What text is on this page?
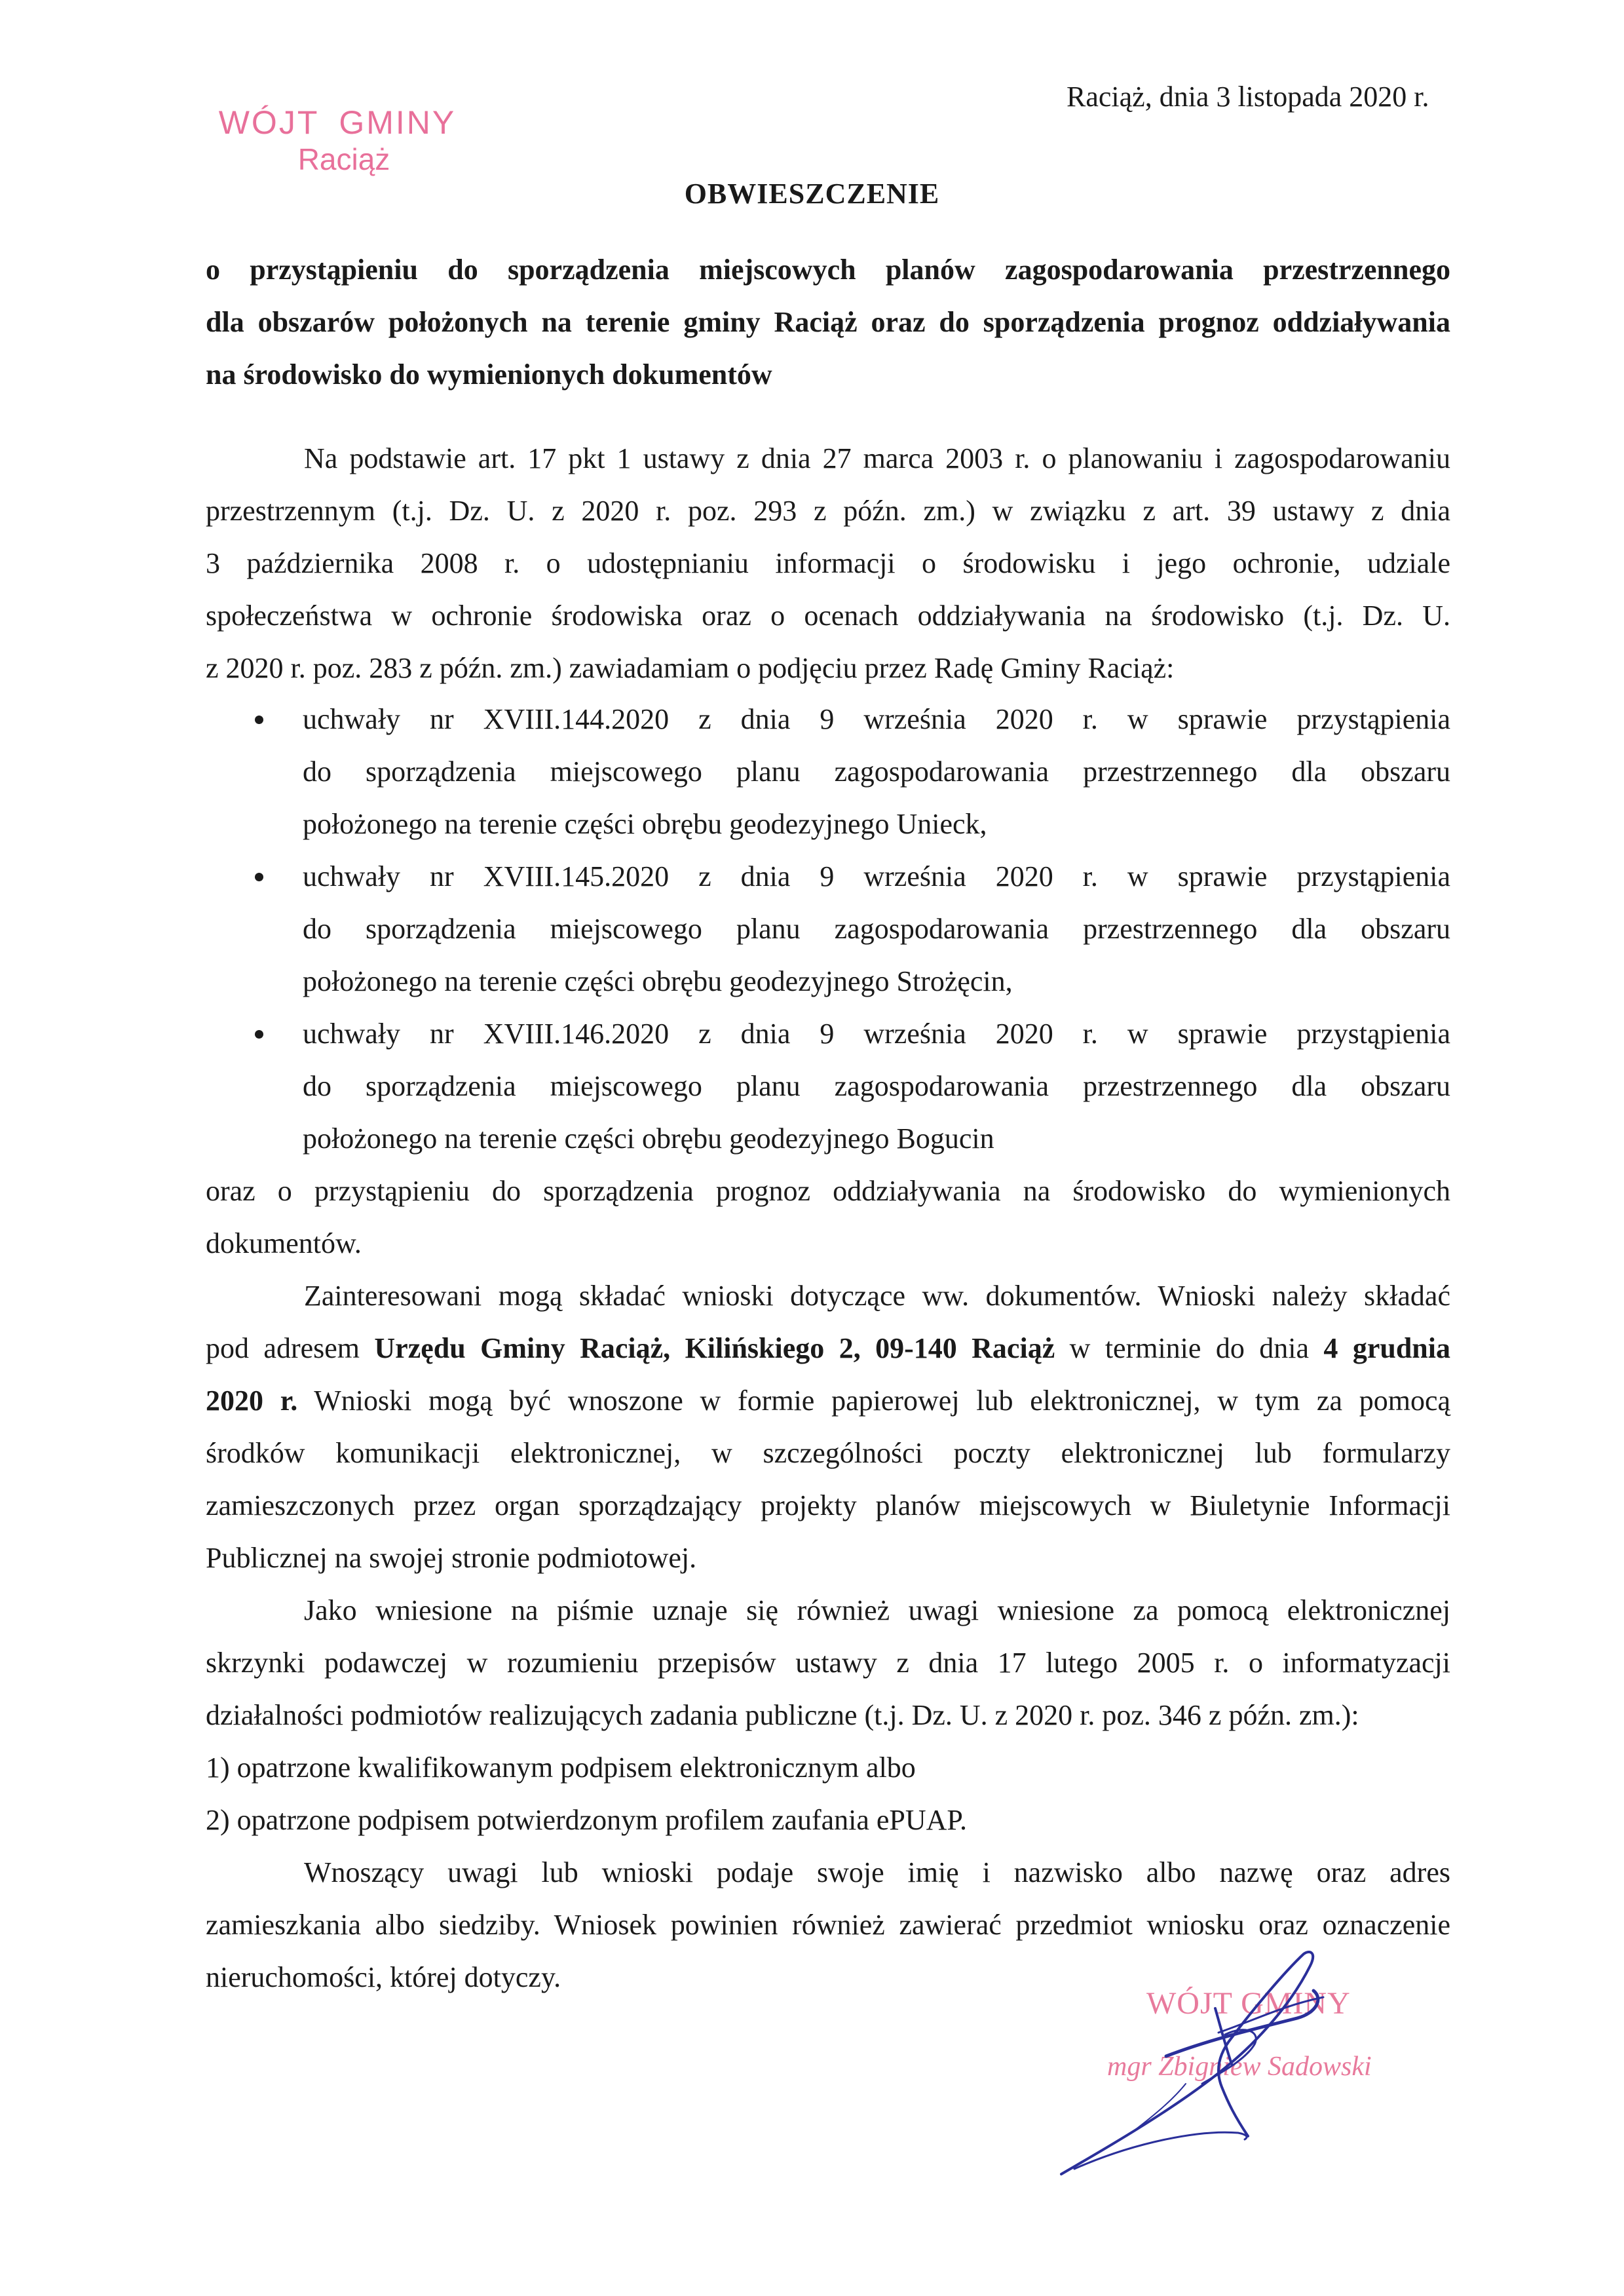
WÓJT GMINY
Raciąż
Raciąż, dnia 3 listopada 2020 r.
OBWIESZCZENIE
o przystąpieniu do sporządzenia miejscowych planów zagospodarowania przestrzennego
dla obszarów położonych na terenie gminy Raciąż oraz do sporządzenia prognoz oddziaływania
na środowisko do wymienionych dokumentów
Na podstawie art. 17 pkt 1 ustawy z dnia 27 marca 2003 r. o planowaniu i zagospodarowaniu
przestrzennym (t.j. Dz. U. z 2020 r. poz. 293 z późn. zm.) w związku z art. 39 ustawy z dnia
3 października 2008 r. o udostępnianiu informacji o środowisku i jego ochronie, udziale
społeczeństwa w ochronie środowiska oraz o ocenach oddziaływania na środowisko (t.j. Dz. U.
z 2020 r. poz. 283 z późn. zm.) zawiadamiam o podjęciu przez Radę Gminy Raciąż:
uchwały nr XVIII.144.2020 z dnia 9 września 2020 r. w sprawie przystąpienia
do sporządzenia miejscowego planu zagospodarowania przestrzennego dla obszaru
położonego na terenie części obrębu geodezyjnego Unieck,
uchwały nr XVIII.145.2020 z dnia 9 września 2020 r. w sprawie przystąpienia
do sporządzenia miejscowego planu zagospodarowania przestrzennego dla obszaru
położonego na terenie części obrębu geodezyjnego Strożęcin,
uchwały nr XVIII.146.2020 z dnia 9 września 2020 r. w sprawie przystąpienia
do sporządzenia miejscowego planu zagospodarowania przestrzennego dla obszaru
położonego na terenie części obrębu geodezyjnego Bogucin
oraz o przystąpieniu do sporządzenia prognoz oddziaływania na środowisko do wymienionych
dokumentów.
Zainteresowani mogą składać wnioski dotyczące ww. dokumentów. Wnioski należy składać
pod adresem Urzędu Gminy Raciąż, Kilińskiego 2, 09-140 Raciąż w terminie do dnia 4 grudnia
2020 r. Wnioski mogą być wnoszone w formie papierowej lub elektronicznej, w tym za pomocą
środków komunikacji elektronicznej, w szczególności poczty elektronicznej lub formularzy
zamieszczonych przez organ sporządzający projekty planów miejscowych w Biuletynie Informacji
Publicznej na swojej stronie podmiotowej.
Jako wniesione na piśmie uznaje się również uwagi wniesione za pomocą elektronicznej
skrzynki podawczej w rozumieniu przepisów ustawy z dnia 17 lutego 2005 r. o informatyzacji
działalności podmiotów realizujących zadania publiczne (t.j. Dz. U. z 2020 r. poz. 346 z późn. zm.):
1) opatrzone kwalifikowanym podpisem elektronicznym albo
2) opatrzone podpisem potwierdzonym profilem zaufania ePUAP.
Wnoszący uwagi lub wnioski podaje swoje imię i nazwisko albo nazwę oraz adres
zamieszkania albo siedziby. Wniosek powinien również zawierać przedmiot wniosku oraz oznaczenie
nieruchomości, której dotyczy.
WÓJT GMINY
mgr Zbigniew Sadowski
